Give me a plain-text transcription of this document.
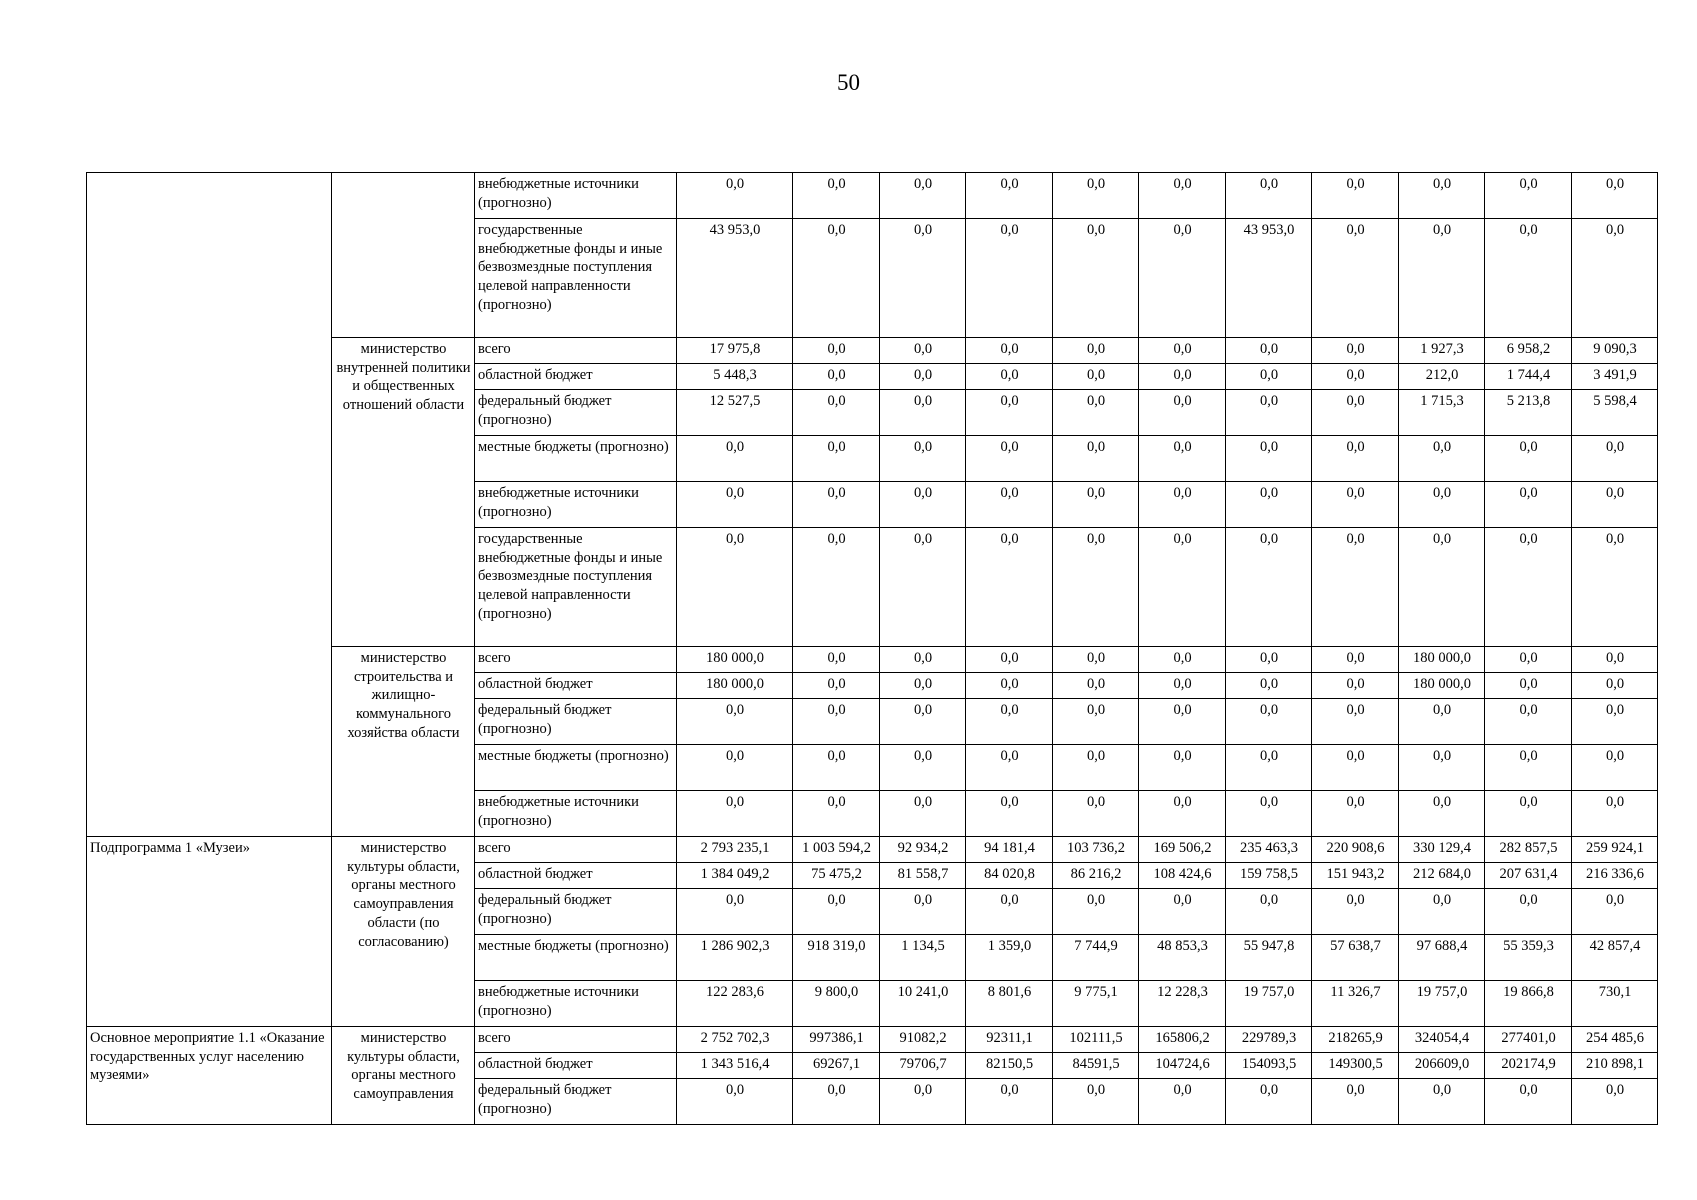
50
		внебюджетные источники (прогнозно)	0,0	0,0	0,0	0,0	0,0	0,0	0,0	0,0	0,0	0,0	0,0
		государственные внебюджетные фонды и иные безвозмездные поступления целевой направленности (прогнозно)	43 953,0	0,0	0,0	0,0	0,0	0,0	43 953,0	0,0	0,0	0,0	0,0
	министерство внутренней политики и общественных отношений области	всего	17 975,8	0,0	0,0	0,0	0,0	0,0	0,0	0,0	1 927,3	6 958,2	9 090,3
		областной бюджет	5 448,3	0,0	0,0	0,0	0,0	0,0	0,0	0,0	212,0	1 744,4	3 491,9
		федеральный бюджет (прогнозно)	12 527,5	0,0	0,0	0,0	0,0	0,0	0,0	0,0	1 715,3	5 213,8	5 598,4
		местные бюджеты (прогнозно)	0,0	0,0	0,0	0,0	0,0	0,0	0,0	0,0	0,0	0,0	0,0
		внебюджетные источники (прогнозно)	0,0	0,0	0,0	0,0	0,0	0,0	0,0	0,0	0,0	0,0	0,0
		государственные внебюджетные фонды и иные безвозмездные поступления целевой направленности (прогнозно)	0,0	0,0	0,0	0,0	0,0	0,0	0,0	0,0	0,0	0,0	0,0
	министерство строительства и жилищно-коммунального хозяйства области	всего	180 000,0	0,0	0,0	0,0	0,0	0,0	0,0	0,0	180 000,0	0,0	0,0
		областной бюджет	180 000,0	0,0	0,0	0,0	0,0	0,0	0,0	0,0	180 000,0	0,0	0,0
		федеральный бюджет (прогнозно)	0,0	0,0	0,0	0,0	0,0	0,0	0,0	0,0	0,0	0,0	0,0
		местные бюджеты (прогнозно)	0,0	0,0	0,0	0,0	0,0	0,0	0,0	0,0	0,0	0,0	0,0
		внебюджетные источники (прогнозно)	0,0	0,0	0,0	0,0	0,0	0,0	0,0	0,0	0,0	0,0	0,0
Подпрограмма 1 «Музеи»	министерство культуры области, органы местного самоуправления области (по согласованию)	всего	2 793 235,1	1 003 594,2	92 934,2	94 181,4	103 736,2	169 506,2	235 463,3	220 908,6	330 129,4	282 857,5	259 924,1
		областной бюджет	1 384 049,2	75 475,2	81 558,7	84 020,8	86 216,2	108 424,6	159 758,5	151 943,2	212 684,0	207 631,4	216 336,6
		федеральный бюджет (прогнозно)	0,0	0,0	0,0	0,0	0,0	0,0	0,0	0,0	0,0	0,0	0,0
		местные бюджеты (прогнозно)	1 286 902,3	918 319,0	1 134,5	1 359,0	7 744,9	48 853,3	55 947,8	57 638,7	97 688,4	55 359,3	42 857,4
		внебюджетные источники (прогнозно)	122 283,6	9 800,0	10 241,0	8 801,6	9 775,1	12 228,3	19 757,0	11 326,7	19 757,0	19 866,8	730,1
Основное мероприятие 1.1 «Оказание государственных услуг населению музеями»	министерство культуры области, органы местного самоуправления	всего	2 752 702,3	997386,1	91082,2	92311,1	102111,5	165806,2	229789,3	218265,9	324054,4	277401,0	254 485,6
		областной бюджет	1 343 516,4	69267,1	79706,7	82150,5	84591,5	104724,6	154093,5	149300,5	206609,0	202174,9	210 898,1
		федеральный бюджет (прогнозно)	0,0	0,0	0,0	0,0	0,0	0,0	0,0	0,0	0,0	0,0	0,0
